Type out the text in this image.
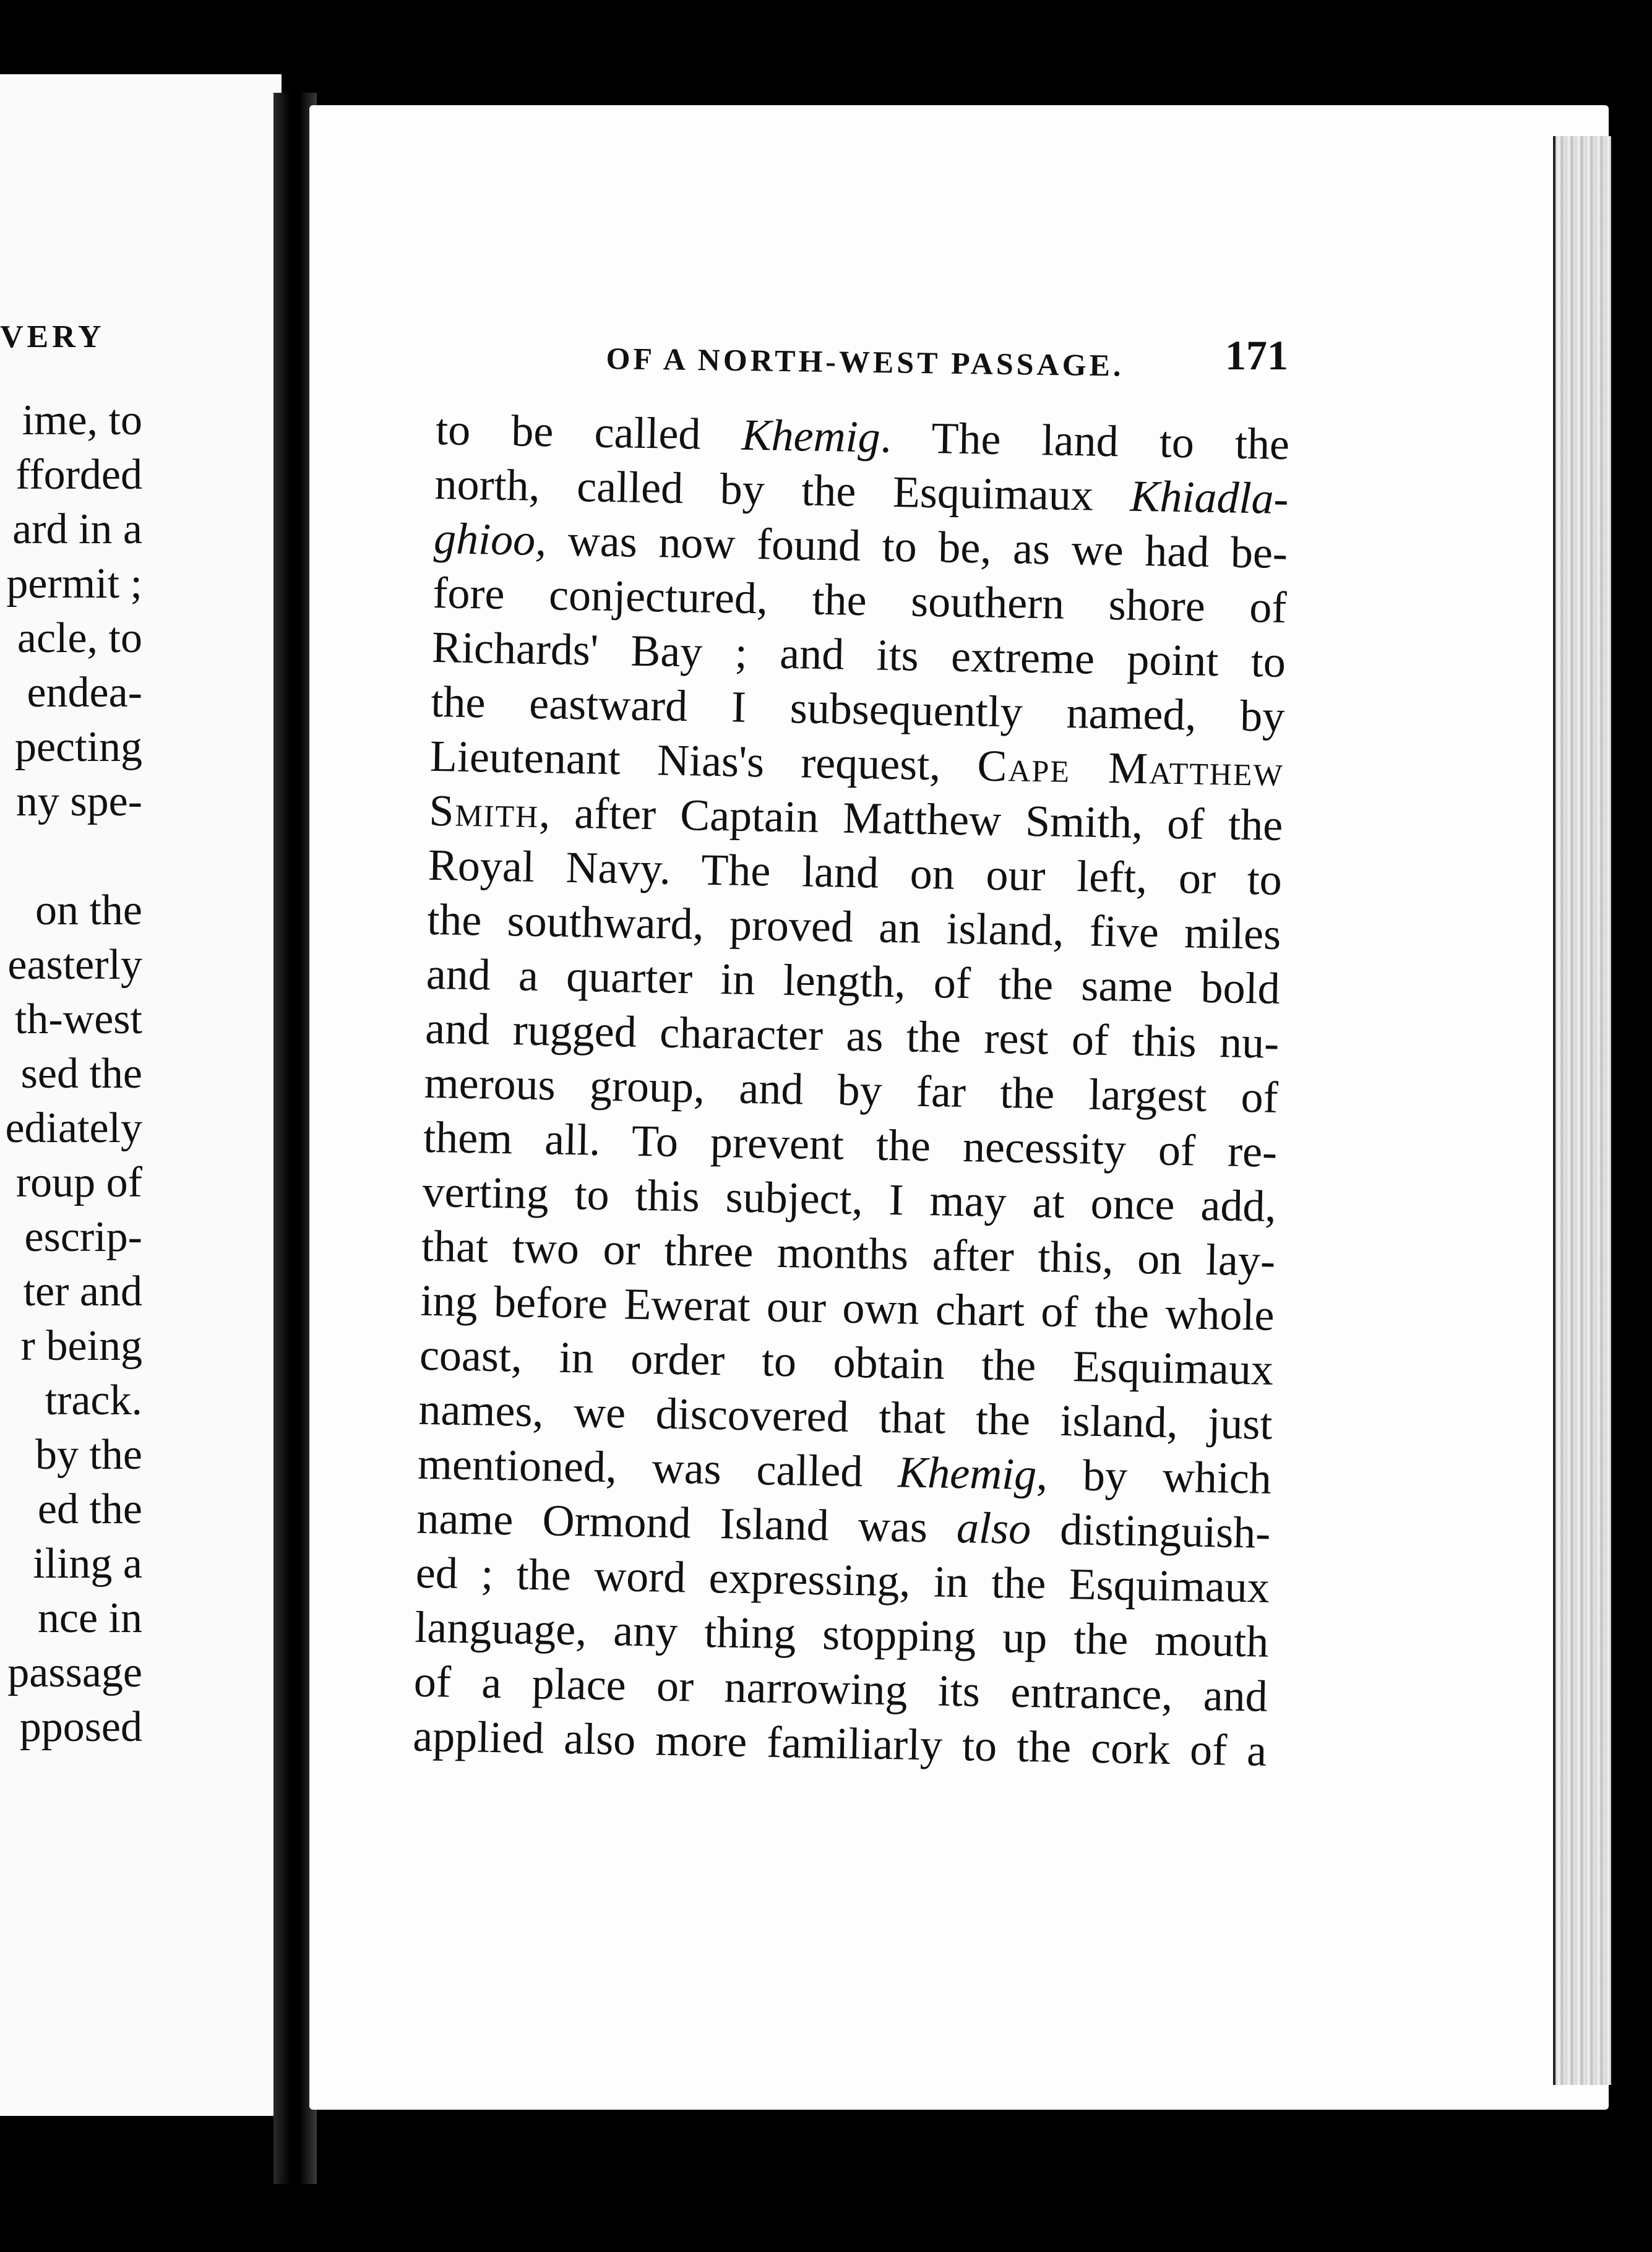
VERY
ime, to
fforded
ard in a
permit ;
acle, to
endea-
pecting
ny spe-
on the
easterly
th-west
sed the
ediately
roup of
escrip-
ter and
r being
track.
by the
ed the
iling a
nce in
passage
pposed
OF A NORTH-WEST PASSAGE. 171
to be called Khemig. The land to the
north, called by the Esquimaux Khiadla-
ghioo, was now found to be, as we had be-
fore conjectured, the southern shore of
Richards' Bay ; and its extreme point to
the eastward I subsequently named, by
Lieutenant Nias's request, Cape Matthew
Smith, after Captain Matthew Smith, of the
Royal Navy. The land on our left, or to
the southward, proved an island, five miles
and a quarter in length, of the same bold
and rugged character as the rest of this nu-
merous group, and by far the largest of
them all. To prevent the necessity of re-
verting to this subject, I may at once add,
that two or three months after this, on lay-
ing before Ewerat our own chart of the whole
coast, in order to obtain the Esquimaux
names, we discovered that the island, just
mentioned, was called Khemig, by which
name Ormond Island was also distinguish-
ed ; the word expressing, in the Esquimaux
language, any thing stopping up the mouth
of a place or narrowing its entrance, and
applied also more familiarly to the cork of a
